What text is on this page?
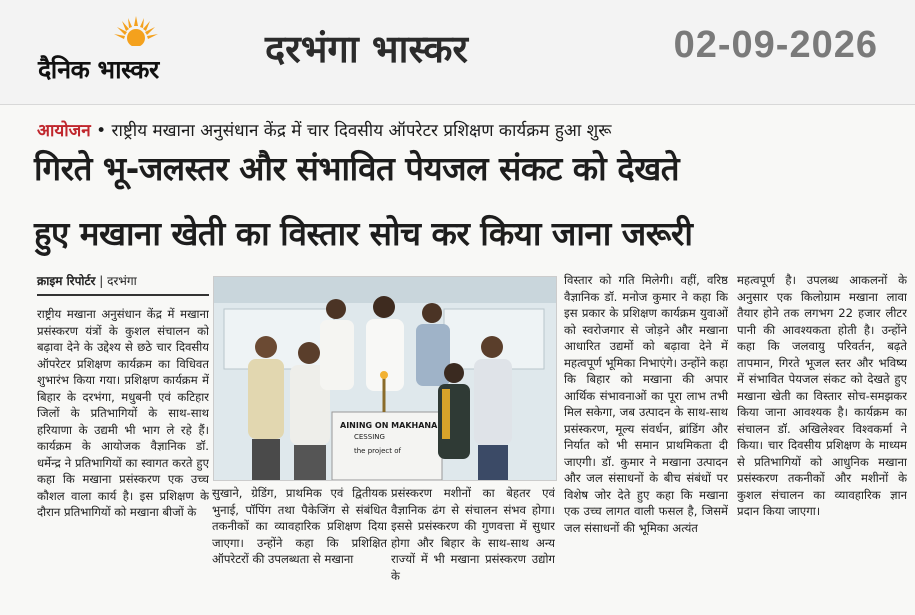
दैनिक भास्कर	दरभंगा भास्कर	02-09-2026
आयोजन • राष्ट्रीय मखाना अनुसंधान केंद्र में चार दिवसीय ऑपरेटर प्रशिक्षण कार्यक्रम हुआ शुरू
गिरते भू-जलस्तर और संभावित पेयजल संकट को देखते
हुए मखाना खेती का विस्तार सोच कर किया जाना जरूरी
क्राइम रिपोर्टर | दरभंगा
राष्ट्रीय मखाना अनुसंधान केंद्र में मखाना प्रसंस्करण यंत्रों के कुशल संचालन को बढ़ावा देने के उद्देश्य से छठे चार दिवसीय ऑपरेटर प्रशिक्षण कार्यक्रम का विधिवत शुभारंभ किया गया। प्रशिक्षण कार्यक्रम में बिहार के दरभंगा, मधुबनी एवं कटिहार जिलों के प्रतिभागियों के साथ-साथ हरियाणा के उद्यमी भी भाग ले रहे हैं। कार्यक्रम के आयोजक वैज्ञानिक डॉ. धर्मेन्द्र ने प्रतिभागियों का स्वागत करते हुए कहा कि मखाना प्रसंस्करण एक उच्च कौशल वाला कार्य है। इस प्रशिक्षण के दौरान प्रतिभागियों को मखाना बीजों के
AINING ON MAKHANA
CESSING
the project of
सुखाने, ग्रेडिंग, प्राथमिक एवं द्वितीयक भुनाई, पॉपिंग तथा पैकेजिंग से संबंधित तकनीकों का व्यावहारिक प्रशिक्षण दिया जाएगा। उन्होंने कहा कि प्रशिक्षित ऑपरेटरों की उपलब्धता से मखाना
प्रसंस्करण मशीनों का बेहतर एवं वैज्ञानिक ढंग से संचालन संभव होगा। इससे प्रसंस्करण की गुणवत्ता में सुधार होगा और बिहार के साथ-साथ अन्य राज्यों में भी मखाना प्रसंस्करण उद्योग के
विस्तार को गति मिलेगी। वहीं, वरिष्ठ वैज्ञानिक डॉ. मनोज कुमार ने कहा कि इस प्रकार के प्रशिक्षण कार्यक्रम युवाओं को स्वरोजगार से जोड़ने और मखाना आधारित उद्यमों को बढ़ावा देने में महत्वपूर्ण भूमिका निभाएंगे। उन्होंने कहा कि बिहार को मखाना की अपार आर्थिक संभावनाओं का पूरा लाभ तभी मिल सकेगा, जब उत्पादन के साथ-साथ प्रसंस्करण, मूल्य संवर्धन, ब्रांडिंग और निर्यात को भी समान प्राथमिकता दी जाएगी। डॉ. कुमार ने मखाना उत्पादन और जल संसाधनों के बीच संबंधों पर विशेष जोर देते हुए कहा कि मखाना एक उच्च लागत वाली फसल है, जिसमें जल संसाधनों की भूमिका अत्यंत
महत्वपूर्ण है। उपलब्ध आकलनों के अनुसार एक किलोग्राम मखाना लावा तैयार होने तक लगभग 22 हजार लीटर पानी की आवश्यकता होती है। उन्होंने कहा कि जलवायु परिवर्तन, बढ़ते तापमान, गिरते भूजल स्तर और भविष्य में संभावित पेयजल संकट को देखते हुए मखाना खेती का विस्तार सोच-समझकर किया जाना आवश्यक है। कार्यक्रम का संचालन डॉ. अखिलेश्वर विश्वकर्मा ने किया। चार दिवसीय प्रशिक्षण के माध्यम से प्रतिभागियों को आधुनिक मखाना प्रसंस्करण तकनीकों और मशीनों के कुशल संचालन का व्यावहारिक ज्ञान प्रदान किया जाएगा।
